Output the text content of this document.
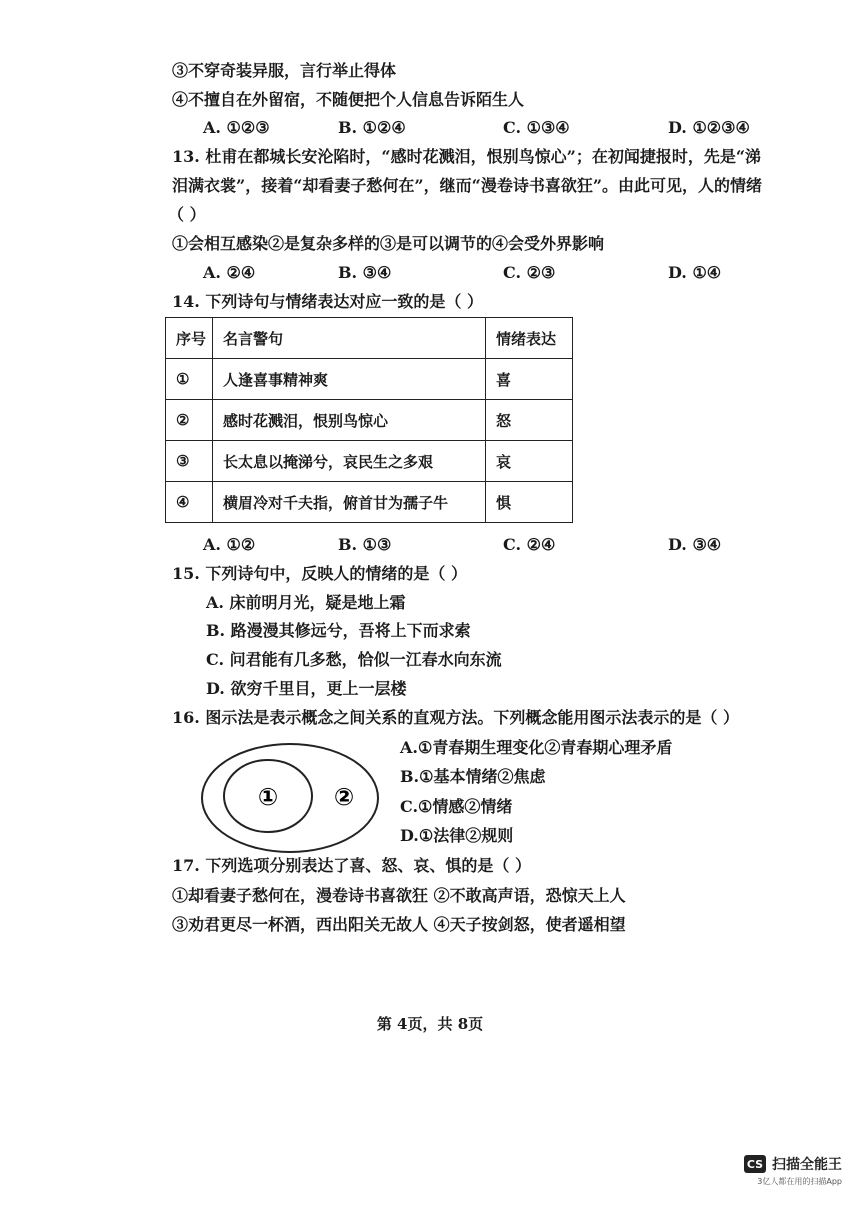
③不穿奇装异服，言行举止得体
④不擅自在外留宿，不随便把个人信息告诉陌生人
A. ①②③	B. ①②④	C. ①③④	D. ①②③④
13. 杜甫在都城长安沦陷时，“感时花溅泪，恨别鸟惊心”；在初闻捷报时，先是“涕
泪满衣裳”，接着“却看妻子愁何在”，继而“漫卷诗书喜欲狂”。由此可见，人的情绪
（ ）
①会相互感染②是复杂多样的③是可以调节的④会受外界影响
A. ②④	B. ③④	C. ②③	D. ①④
14. 下列诗句与情绪表达对应一致的是（ ）
序号	名言警句	情绪表达
①	人逢喜事精神爽	喜
②	感时花溅泪，恨别鸟惊心	怒
③	长太息以掩涕兮，哀民生之多艰	哀
④	横眉冷对千夫指，俯首甘为孺子牛	惧
A. ①②	B. ①③	C. ②④	D. ③④
15. 下列诗句中，反映人的情绪的是（ ）
A. 床前明月光，疑是地上霜
B. 路漫漫其修远兮，吾将上下而求索
C. 问君能有几多愁，恰似一江春水向东流
D. 欲穷千里目，更上一层楼
16. 图示法是表示概念之间关系的直观方法。下列概念能用图示法表示的是（ ）
① ②
A.①青春期生理变化②青春期心理矛盾
B.①基本情绪②焦虑
C.①情感②情绪
D.①法律②规则
17. 下列选项分别表达了喜、怒、哀、惧的是（ ）
①却看妻子愁何在，漫卷诗书喜欲狂 ②不敢高声语，恐惊天上人
③劝君更尽一杯酒，西出阳关无故人 ④天子按剑怒，使者遥相望
第 4页，共 8页
CS 扫描全能王
3亿人都在用的扫描App
